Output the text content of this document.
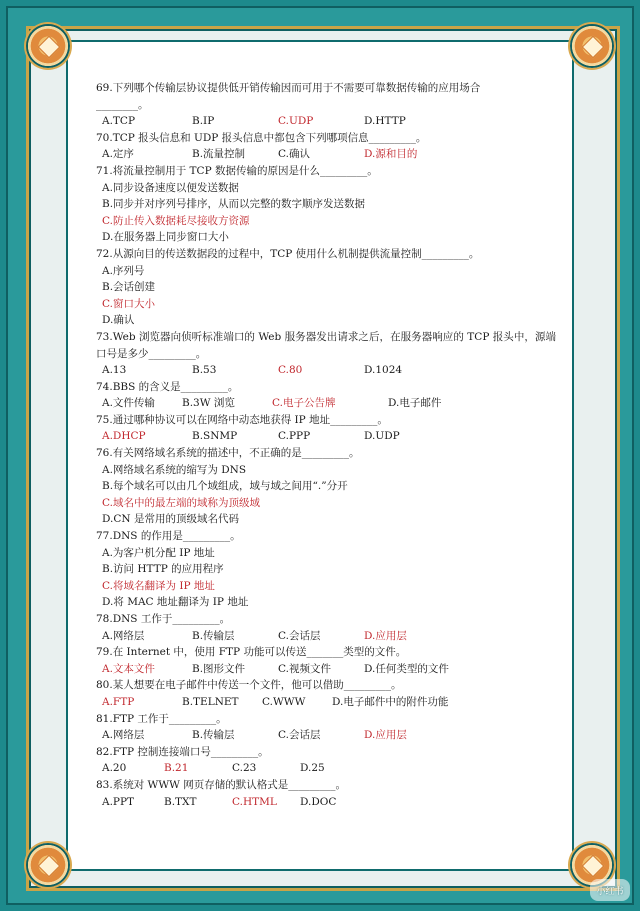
69.下列哪个传输层协议提供低开销传输因而可用于不需要可靠数据传输的应用场合
________。
A.TCP	B.IP	C.UDP	D.HTTP
70.TCP 报头信息和 UDP 报头信息中都包含下列哪项信息_________。
A.定序	B.流量控制	C.确认	D.源和目的
71.将流量控制用于 TCP 数据传输的原因是什么_________。
A.同步设备速度以便发送数据
B.同步并对序列号排序，从而以完整的数字顺序发送数据
C.防止传入数据耗尽接收方资源
D.在服务器上同步窗口大小
72.从源向目的传送数据段的过程中，TCP 使用什么机制提供流量控制_________。
A.序列号
B.会话创建
C.窗口大小
D.确认
73.Web 浏览器向侦听标准端口的 Web 服务器发出请求之后，在服务器响应的 TCP 报头中，源端口号是多少_________。
A.13	B.53	C.80	D.1024
74.BBS 的含义是_________。
A.文件传输	B.3W 浏览	C.电子公告牌	D.电子邮件
75.通过哪种协议可以在网络中动态地获得 IP 地址_________。
A.DHCP	B.SNMP	C.PPP	D.UDP
76.有关网络域名系统的描述中，不正确的是_________。
A.网络域名系统的缩写为 DNS
B.每个域名可以由几个域组成，域与域之间用“.”分开
C.域名中的最左端的域称为顶级域
D.CN 是常用的顶级域名代码
77.DNS 的作用是_________。
A.为客户机分配 IP 地址
B.访问 HTTP 的应用程序
C.将域名翻译为 IP 地址
D.将 MAC 地址翻译为 IP 地址
78.DNS 工作于_________。
A.网络层	B.传输层	C.会话层	D.应用层
79.在 Internet 中，使用 FTP 功能可以传送_______类型的文件。
A.文本文件	B.图形文件	C.视频文件	D.任何类型的文件
80.某人想要在电子邮件中传送一个文件，他可以借助_________。
A.FTP	B.TELNET	C.WWW	D.电子邮件中的附件功能
81.FTP 工作于_________。
A.网络层	B.传输层	C.会话层	D.应用层
82.FTP 控制连接端口号_________。
A.20	B.21	C.23	D.25
83.系统对 WWW 网页存储的默认格式是_________。
A.PPT	B.TXT	C.HTML	D.DOC
小红书
